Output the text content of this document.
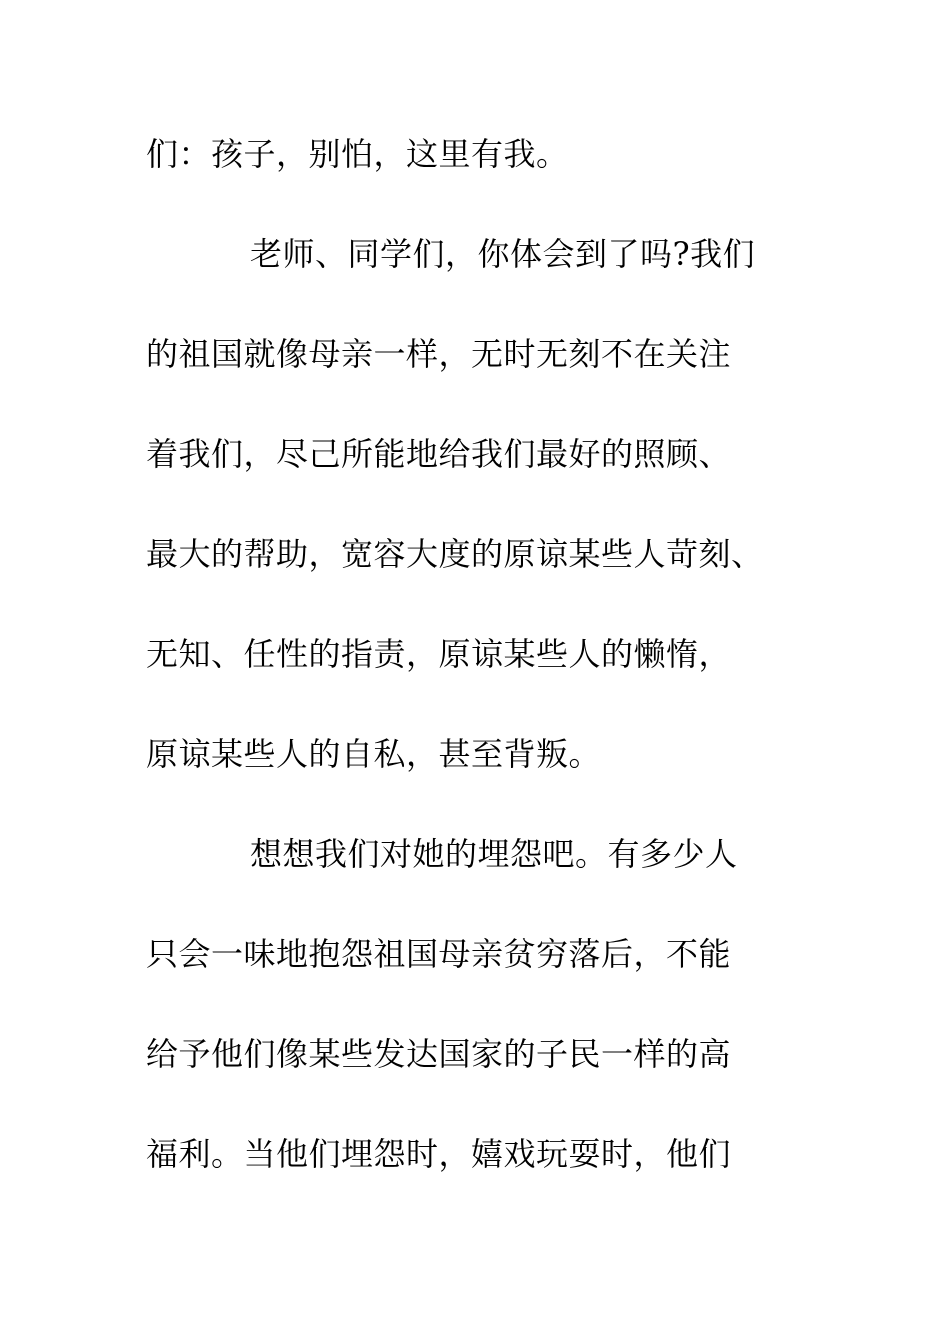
们：孩子，别怕，这里有我。
老师、同学们，你体会到了吗?我们
的祖国就像母亲一样，无时无刻不在关注
着我们，尽己所能地给我们最好的照顾、
最大的帮助，宽容大度的原谅某些人苛刻、
无知、任性的指责，原谅某些人的懒惰，
原谅某些人的自私，甚至背叛。
想想我们对她的埋怨吧。有多少人
只会一味地抱怨祖国母亲贫穷落后，不能
给予他们像某些发达国家的子民一样的高
福利。当他们埋怨时，嬉戏玩耍时，他们
